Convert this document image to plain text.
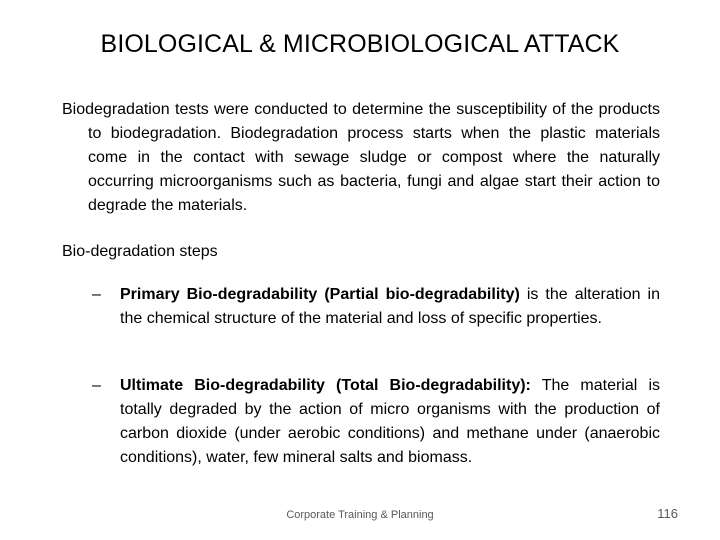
BIOLOGICAL & MICROBIOLOGICAL ATTACK
Biodegradation tests were conducted to determine the susceptibility of the products to biodegradation. Biodegradation process starts when the plastic materials come in the contact with sewage sludge or compost where the naturally occurring microorganisms such as bacteria, fungi and algae start their action to degrade the materials.
Bio-degradation steps
–	Primary Bio-degradability (Partial bio-degradability) is the alteration in the chemical structure of the material and loss of specific properties.
–	Ultimate Bio-degradability (Total Bio-degradability): The material is totally degraded by the action of micro organisms with the production of carbon dioxide (under aerobic conditions) and methane under (anaerobic conditions), water, few mineral salts and biomass.
Corporate Training & Planning	116
